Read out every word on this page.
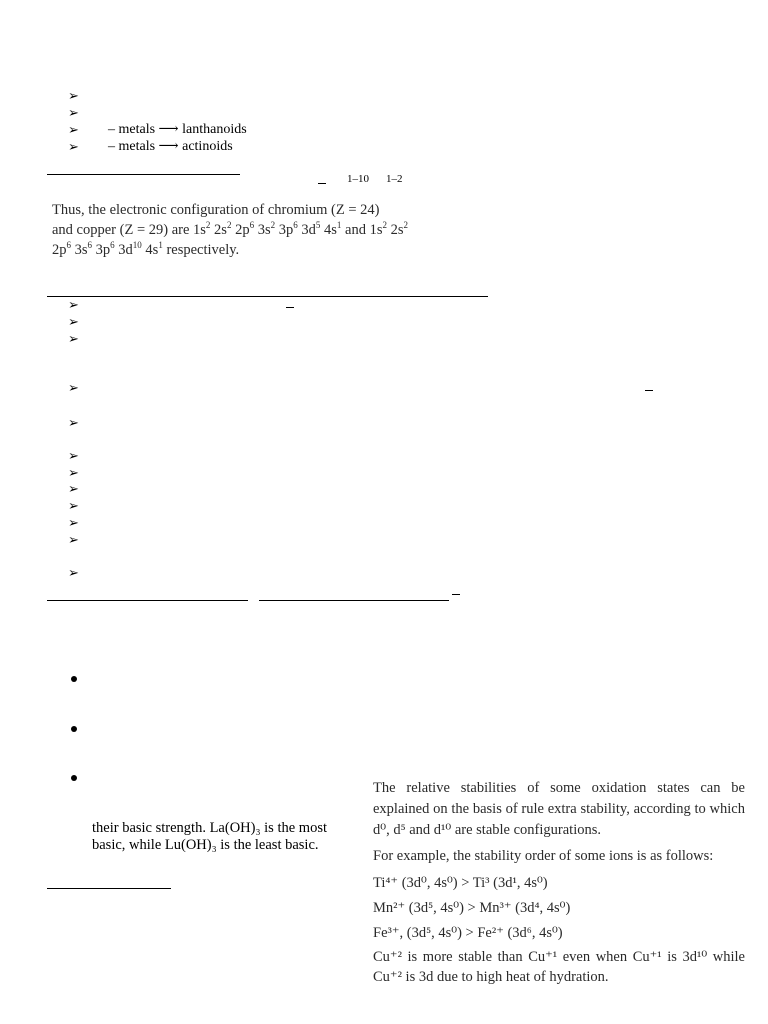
➢
➢
➢ – metals ⟶ lanthanoids
➢ – metals ⟶ actinoids
1–10 1–2
Thus, the electronic configuration of chromium (Z = 24)
and copper (Z = 29) are $1s^2$ $2s^2$ $2p^6$ $3s^2$ $3p^6$ $3d^5$ $4s^1$ and $1s^2$ $2s^2$
$2p^6$ $3s^6$ $3p^6$ $3d^{10}$ $4s^1$ respectively.
➢
➢
➢
➢
➢
➢
➢
➢
➢
➢
➢
➢
their basic strength. La(OH)₃ is the most
basic, while Lu(OH)₃ is the least basic.

The relative stabilities of some oxidation states can be explained on the basis of rule extra stability, according to which d⁰, d⁵ and d¹⁰ are stable configurations.

For example, the stability order of some ions is as follows:

Ti⁴⁺ (3d⁰, 4s⁰) > Ti³ (3d¹, 4s⁰)

Mn²⁺ (3d⁵, 4s⁰) > Mn³⁺ (3d⁴, 4s⁰)

Fe³⁺, (3d⁵, 4s⁰) > Fe²⁺ (3d⁶, 4s⁰)

Cu⁺² is more stable than Cu⁺¹ even when Cu⁺¹ is 3d¹⁰ while Cu⁺² is 3d due to high heat of hydration.
